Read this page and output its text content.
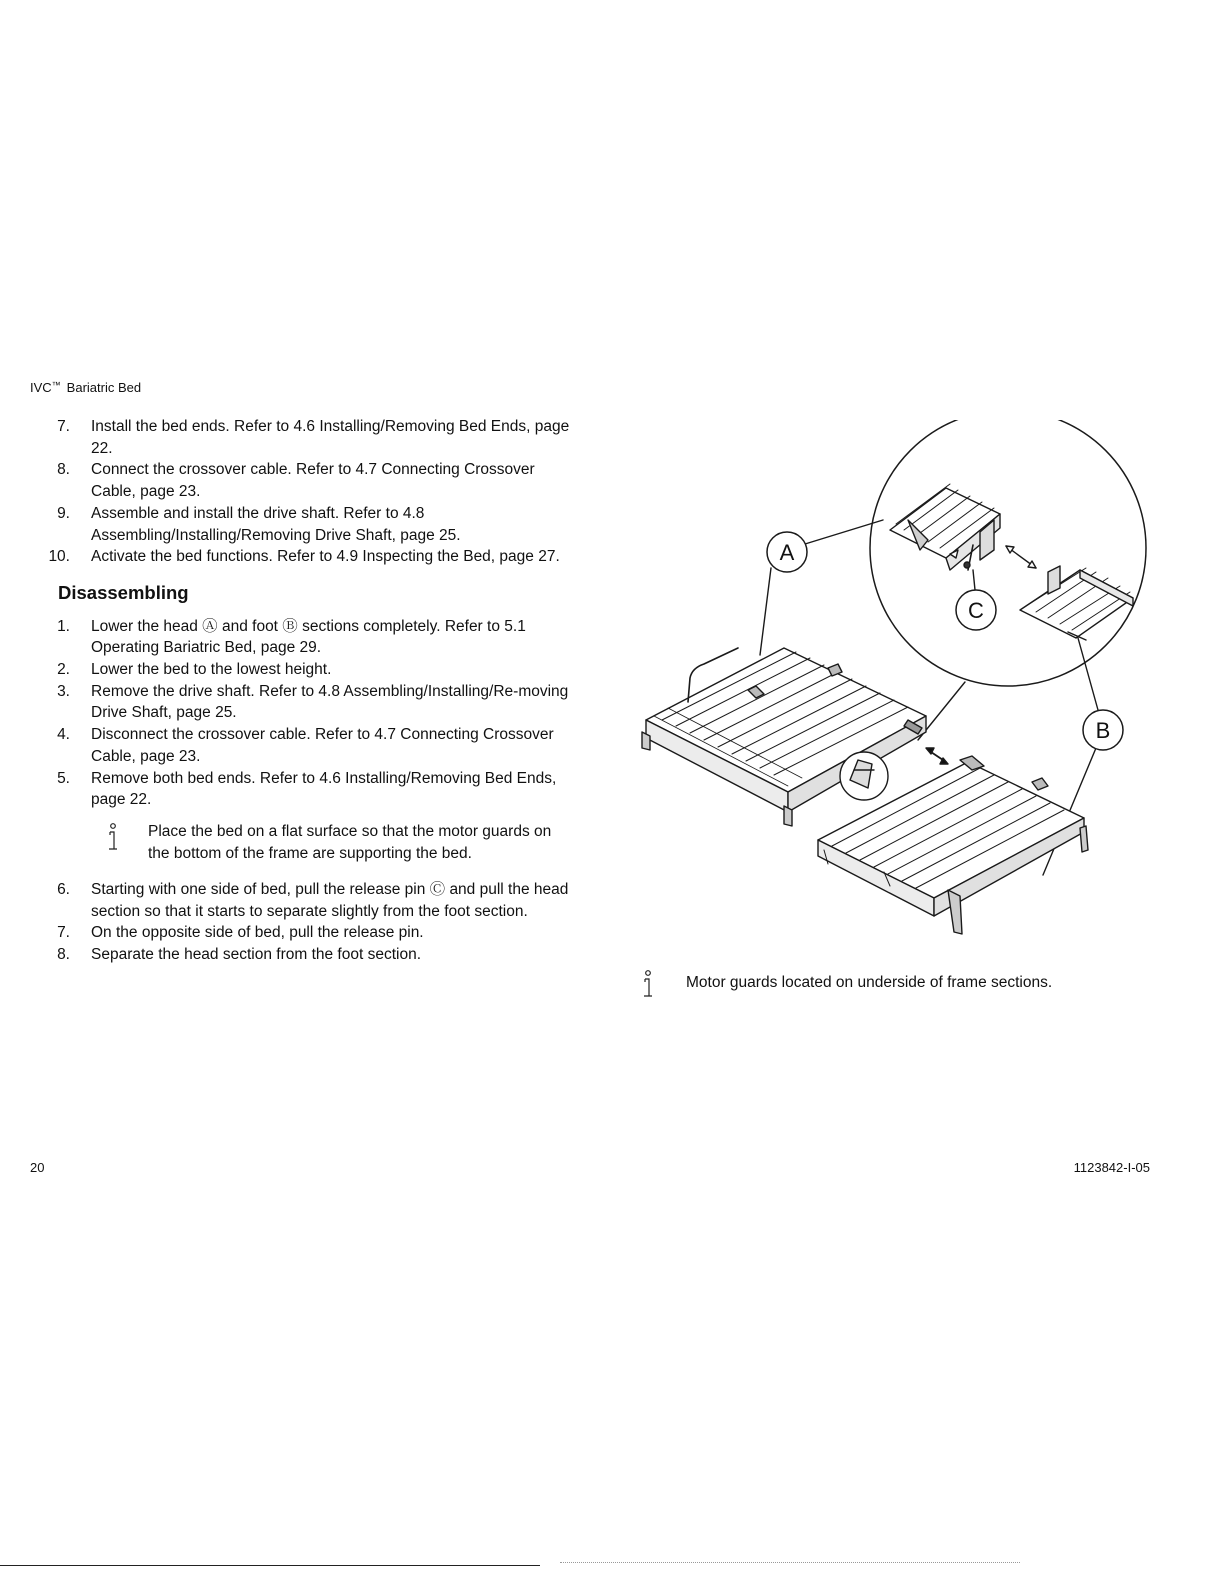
IVC™ Bariatric Bed
7. Install the bed ends. Refer to 4.6 Installing/Removing Bed Ends, page 22.
8. Connect the crossover cable. Refer to 4.7 Connecting Crossover Cable, page 23.
9. Assemble and install the drive shaft. Refer to 4.8 Assembling/Installing/Removing Drive Shaft, page 25.
10. Activate the bed functions. Refer to 4.9 Inspecting the Bed, page 27.
Disassembling
1. Lower the head Ⓐ and foot Ⓑ sections completely. Refer to 5.1 Operating Bariatric Bed, page 29.
2. Lower the bed to the lowest height.
3. Remove the drive shaft. Refer to 4.8 Assembling/Installing/Re-moving Drive Shaft, page 25.
4. Disconnect the crossover cable. Refer to 4.7 Connecting Crossover Cable, page 23.
5. Remove both bed ends. Refer to 4.6 Installing/Removing Bed Ends, page 22.
Place the bed on a flat surface so that the motor guards on the bottom of the frame are supporting the bed.
6. Starting with one side of bed, pull the release pin Ⓒ and pull the head section so that it starts to separate slightly from the foot section.
7. On the opposite side of bed, pull the release pin.
8. Separate the head section from the foot section.
A
C
B
Motor guards located on underside of frame sections.
20	1123842-I-05
